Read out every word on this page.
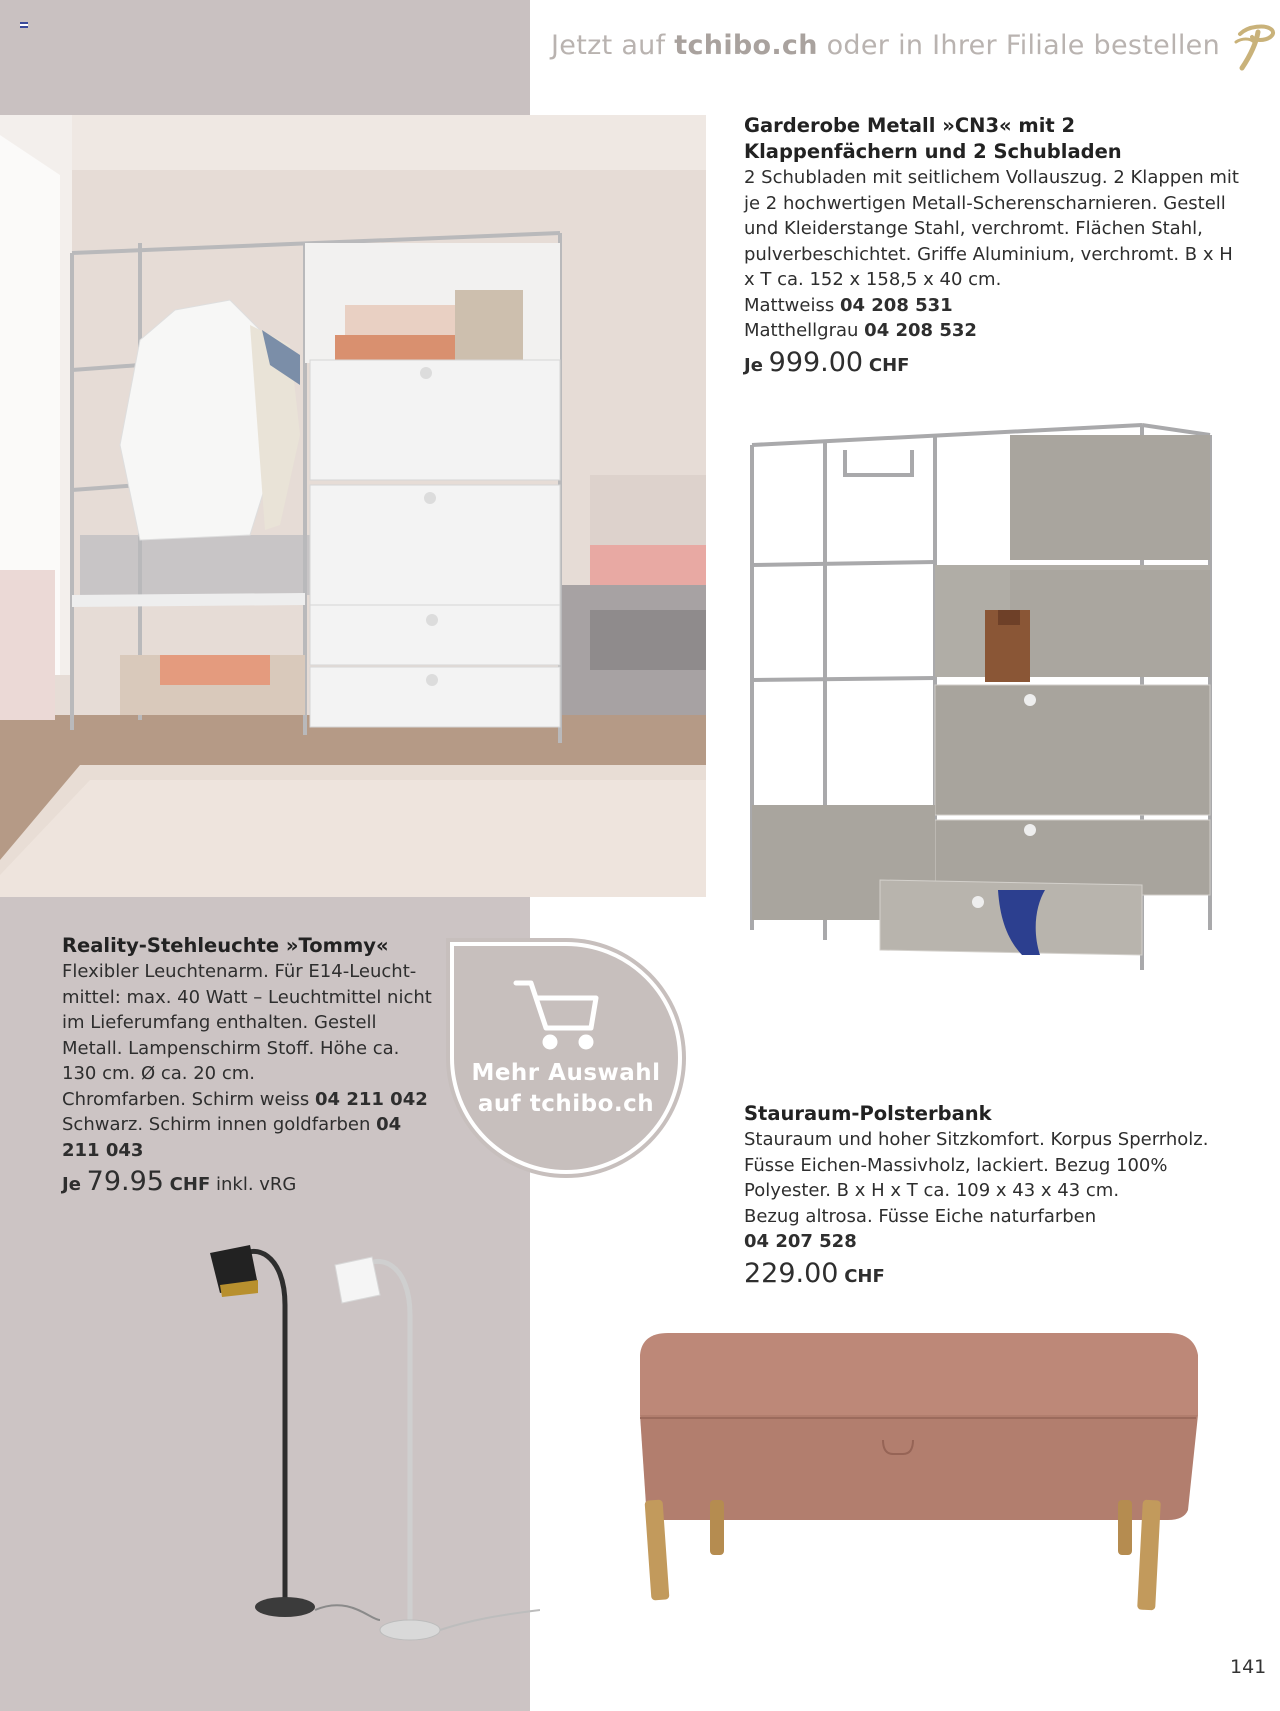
Jetzt auf tchibo.ch oder in Ihrer Filiale bestellen
Garderobe Metall »CN3« mit 2 Klappenfächern und 2 Schubladen
2 Schubladen mit seitlichem Vollauszug. 2 Klappen mit je 2 hochwertigen Metall-Scherenscharnieren. Gestell und Kleiderstange Stahl, verchromt. Flächen Stahl, pulverbeschichtet. Griffe Aluminium, verchromt. B x H x T ca. 152 x 158,5 x 40 cm.
Mattweiss 04 208 531
Matthellgrau 04 208 532
Je 999.00 CHF
Mehr Auswahl
auf tchibo.ch
Reality-Stehleuchte »Tommy«
Flexibler Leuchtenarm. Für E14-Leuchtmittel: max. 40 Watt – Leuchtmittel nicht im Lieferumfang enthalten. Gestell Metall. Lampenschirm Stoff. Höhe ca. 130 cm. Ø ca. 20 cm.
Chromfarben. Schirm weiss 04 211 042
Schwarz. Schirm innen goldfarben 04 211 043
Je 79.95 CHF inkl. vRG
Stauraum-Polsterbank
Stauraum und hoher Sitzkomfort. Korpus Sperrholz. Füsse Eichen-Massivholz, lackiert. Bezug 100% Polyester. B x H x T ca. 109 x 43 x 43 cm.
Bezug altrosa. Füsse Eiche naturfarben
04 207 528
229.00 CHF
141
